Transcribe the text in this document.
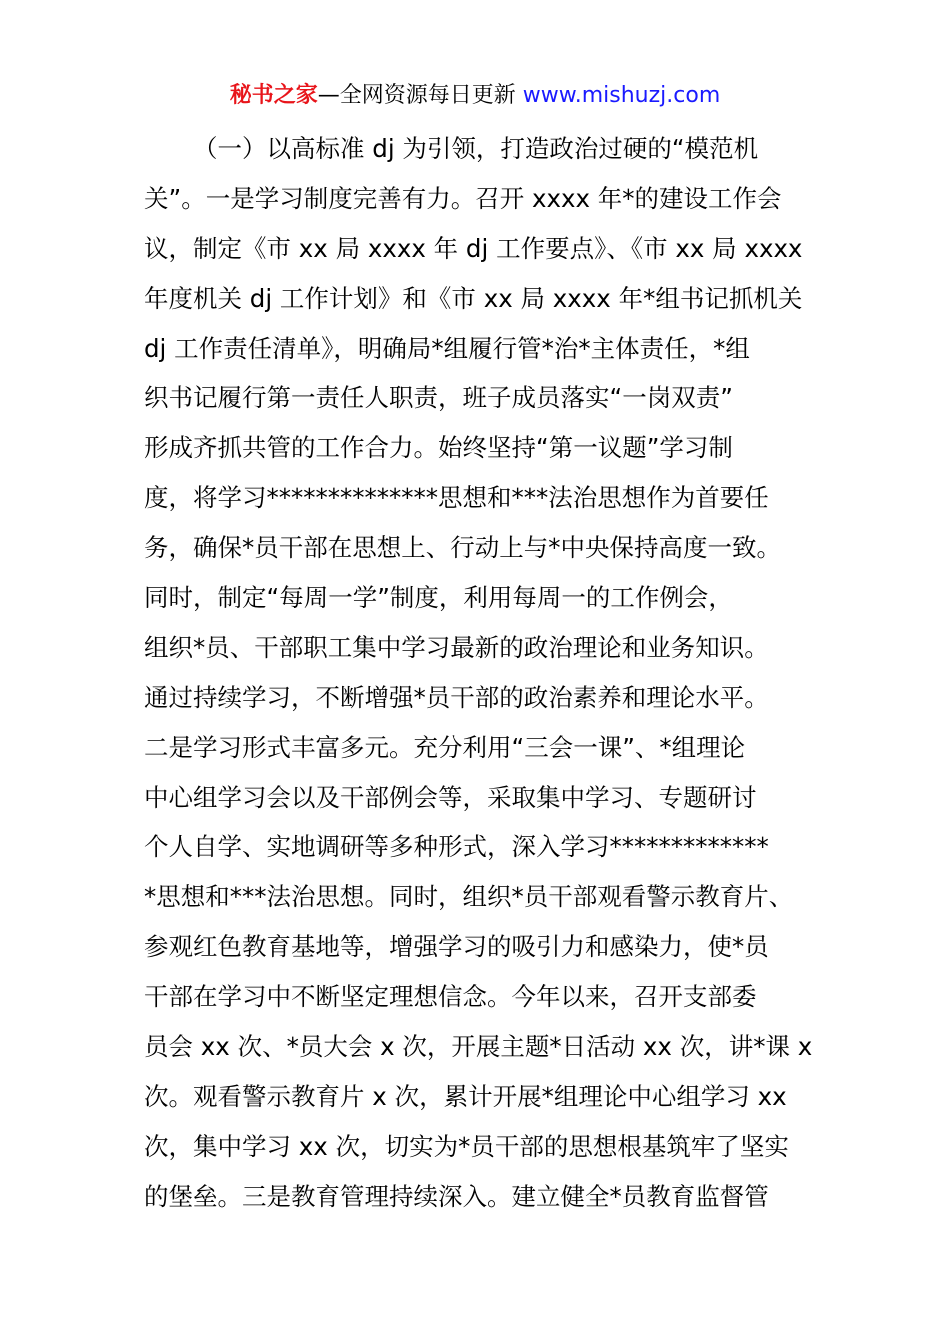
秘书之家—全网资源每日更新 www.mishuzj.com
（一）以高标准 dj 为引领，打造政治过硬的“模范机
关”。一是学习制度完善有力。召开 xxxx 年*的建设工作会
议，制定《市 xx 局 xxxx 年 dj 工作要点》、《市 xx 局 xxxx
年度机关 dj 工作计划》和《市 xx 局 xxxx 年*组书记抓机关
dj 工作责任清单》，明确局*组履行管*治*主体责任，*组
织书记履行第一责任人职责，班子成员落实“一岗双责”
形成齐抓共管的工作合力。始终坚持“第一议题”学习制
度，将学习**************思想和***法治思想作为首要任
务，确保*员干部在思想上、行动上与*中央保持高度一致。
同时，制定“每周一学”制度，利用每周一的工作例会，
组织*员、干部职工集中学习最新的政治理论和业务知识。
通过持续学习，不断增强*员干部的政治素养和理论水平。
二是学习形式丰富多元。充分利用“三会一课”、*组理论
中心组学习会以及干部例会等，采取集中学习、专题研讨
个人自学、实地调研等多种形式，深入学习*************
*思想和***法治思想。同时，组织*员干部观看警示教育片、
参观红色教育基地等，增强学习的吸引力和感染力，使*员
干部在学习中不断坚定理想信念。今年以来，召开支部委
员会 xx 次、*员大会 x 次，开展主题*日活动 xx 次，讲*课 x
次。观看警示教育片 x 次，累计开展*组理论中心组学习 xx
次，集中学习 xx 次，切实为*员干部的思想根基筑牢了坚实
的堡垒。三是教育管理持续深入。建立健全*员教育监督管
